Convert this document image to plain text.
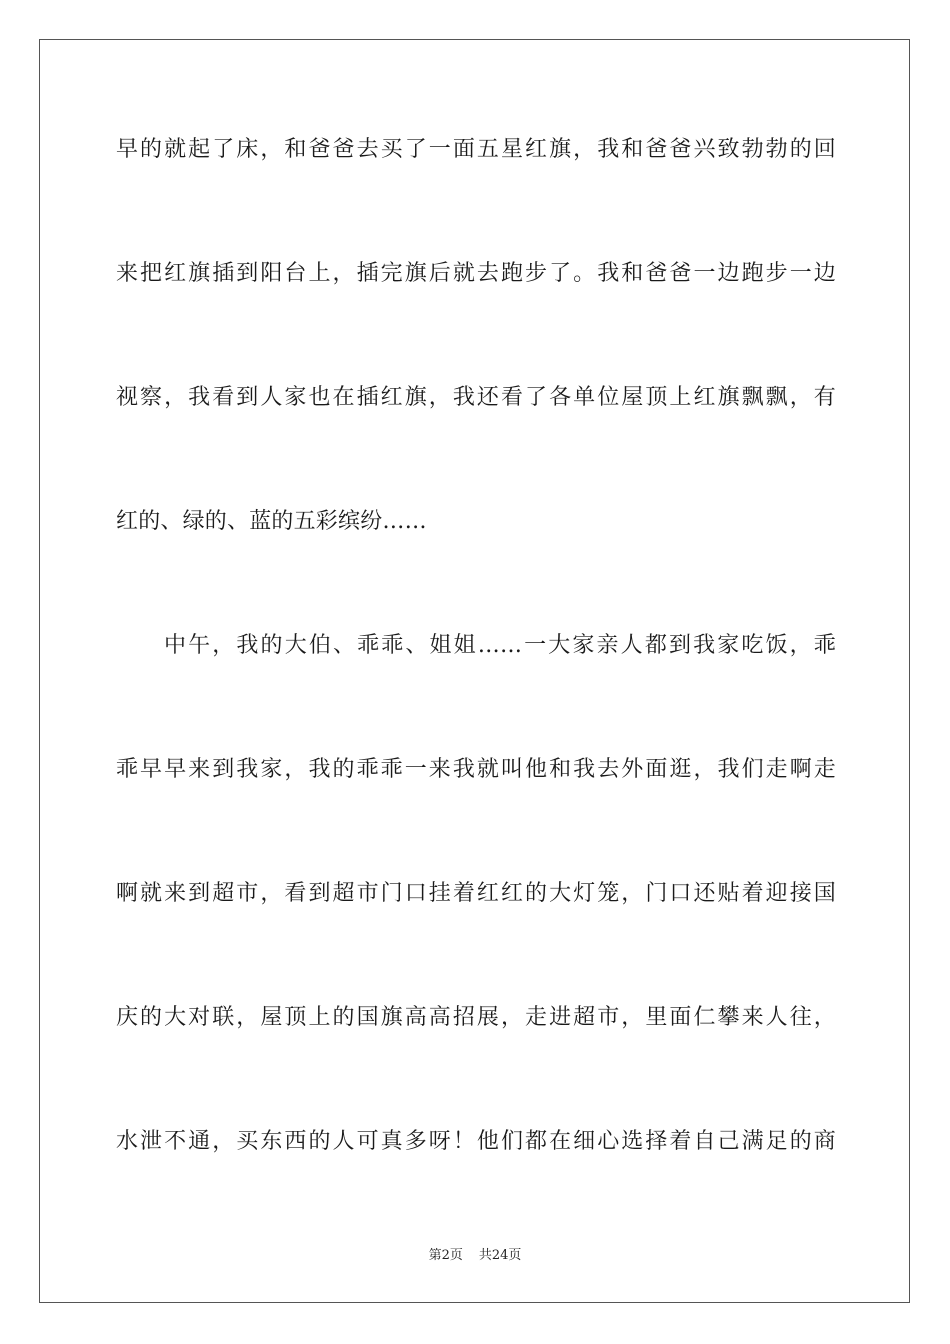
早的就起了床，和爸爸去买了一面五星红旗，我和爸爸兴致勃勃的回
来把红旗插到阳台上，插完旗后就去跑步了。我和爸爸一边跑步一边
视察，我看到人家也在插红旗，我还看了各单位屋顶上红旗飘飘，有
红的、绿的、蓝的五彩缤纷……
中午，我的大伯、乖乖、姐姐……一大家亲人都到我家吃饭，乖
乖早早来到我家，我的乖乖一来我就叫他和我去外面逛，我们走啊走
啊就来到超市，看到超市门口挂着红红的大灯笼，门口还贴着迎接国
庆的大对联，屋顶上的国旗高高招展，走进超市，里面仁攀来人往，
水泄不通，买东西的人可真多呀！他们都在细心选择着自己满足的商
第2页 共24页
